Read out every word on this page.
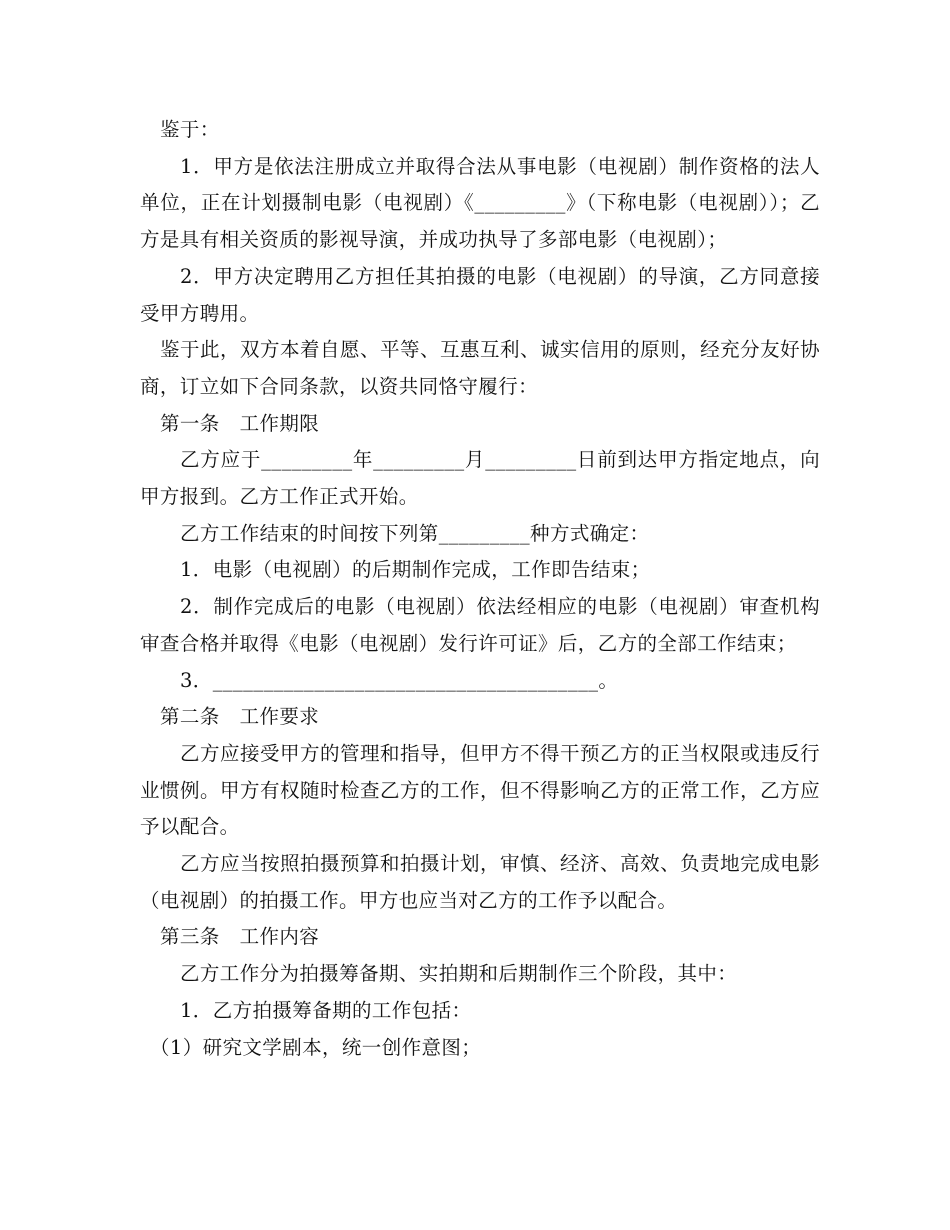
鉴于：

1．甲方是依法注册成立并取得合法从事电影（电视剧）制作资格的法人单位，正在计划摄制电影（电视剧）《_________》（下称电影（电视剧））；乙方是具有相关资质的影视导演，并成功执导了多部电影（电视剧）；

2．甲方决定聘用乙方担任其拍摄的电影（电视剧）的导演，乙方同意接受甲方聘用。

鉴于此，双方本着自愿、平等、互惠互利、诚实信用的原则，经充分友好协商，订立如下合同条款，以资共同恪守履行：

第一条　工作期限

乙方应于_________年_________月_________日前到达甲方指定地点，向甲方报到。乙方工作正式开始。

乙方工作结束的时间按下列第_________种方式确定：

1．电影（电视剧）的后期制作完成，工作即告结束；

2．制作完成后的电影（电视剧）依法经相应的电影（电视剧）审查机构审查合格并取得《电影（电视剧）发行许可证》后，乙方的全部工作结束；

3．______________________________________。

第二条　工作要求

乙方应接受甲方的管理和指导，但甲方不得干预乙方的正当权限或违反行业惯例。甲方有权随时检查乙方的工作，但不得影响乙方的正常工作，乙方应予以配合。

乙方应当按照拍摄预算和拍摄计划，审慎、经济、高效、负责地完成电影（电视剧）的拍摄工作。甲方也应当对乙方的工作予以配合。

第三条　工作内容

乙方工作分为拍摄筹备期、实拍期和后期制作三个阶段，其中：

1．乙方拍摄筹备期的工作包括：

（1）研究文学剧本，统一创作意图；
